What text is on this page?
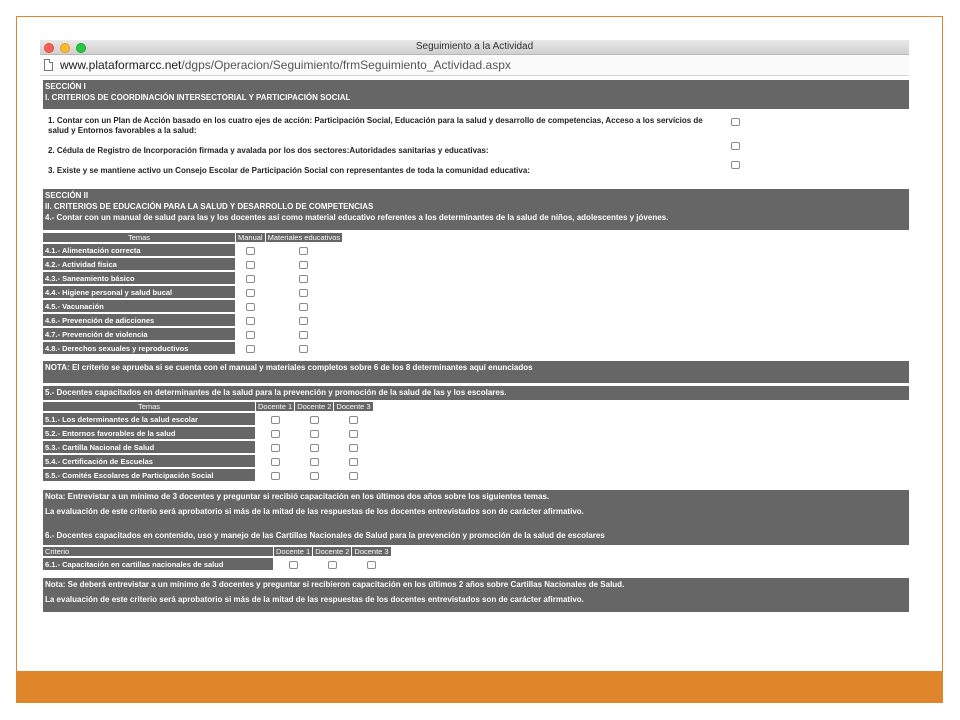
Seguimiento a la Actividad
www.plataformarcc.net/dgps/Operacion/Seguimiento/frmSeguimiento_Actividad.aspx
SECCIÓN I
I. CRITERIOS DE COORDINACIÓN INTERSECTORIAL Y PARTICIPACIÓN SOCIAL
1. Contar con un Plan de Acción basado en los cuatro ejes de acción: Participación Social, Educación para la salud y desarrollo de competencias, Acceso a los servicios de salud y Entornos favorables a la salud:
2. Cédula de Registro de Incorporación firmada y avalada por los dos sectores:Autoridades sanitarias y educativas:
3. Existe y se mantiene activo un Consejo Escolar de Participación Social con representantes de toda la comunidad educativa:
SECCIÓN II
II. CRITERIOS DE EDUCACIÓN PARA LA SALUD Y DESARROLLO DE COMPETENCIAS
4.- Contar con un manual de salud para las y los docentes así como material educativo referentes a los determinantes de la salud de niños, adolescentes y jóvenes.
Temas	Manual	Materiales educativos
4.1.- Alimentación correcta		
4.2.- Actividad física		
4.3.- Saneamiento básico		
4.4.- Higiene personal y salud bucal		
4.5.- Vacunación		
4.6.- Prevención de adicciones		
4.7.- Prevención de violencia		
4.8.- Derechos sexuales y reproductivos		
NOTA: El criterio se aprueba si se cuenta con el manual y materiales completos sobre 6 de los 8 determinantes aquí enunciados
5.- Docentes capacitados en determinantes de la salud para la prevención y promoción de la salud de las y los escolares.
Temas	Docente 1	Docente 2	Docente 3
5.1.- Los determinantes de la salud escolar			
5.2.- Entornos favorables de la salud			
5.3.- Cartilla Nacional de Salud			
5.4.- Certificación de Escuelas			
5.5.- Comités Escolares de Participación Social			
Nota: Entrevistar a un mínimo de 3 docentes y preguntar si recibió capacitación en los últimos dos años sobre los siguientes temas.
La evaluación de este criterio será aprobatorio si más de la mitad de las respuestas de los docentes entrevistados son de carácter afirmativo.
6.- Docentes capacitados en contenido, uso y manejo de las Cartillas Nacionales de Salud para la prevención y promoción de la salud de escolares
Criterio	Docente 1	Docente 2	Docente 3
6.1.- Capacitación en cartillas nacionales de salud			
Nota: Se deberá entrevistar a un mínimo de 3 docentes y preguntar si recibieron capacitación en los últimos 2 años sobre Cartillas Nacionales de Salud.
La evaluación de este criterio será aprobatorio si más de la mitad de las respuestas de los docentes entrevistados son de carácter afirmativo.
